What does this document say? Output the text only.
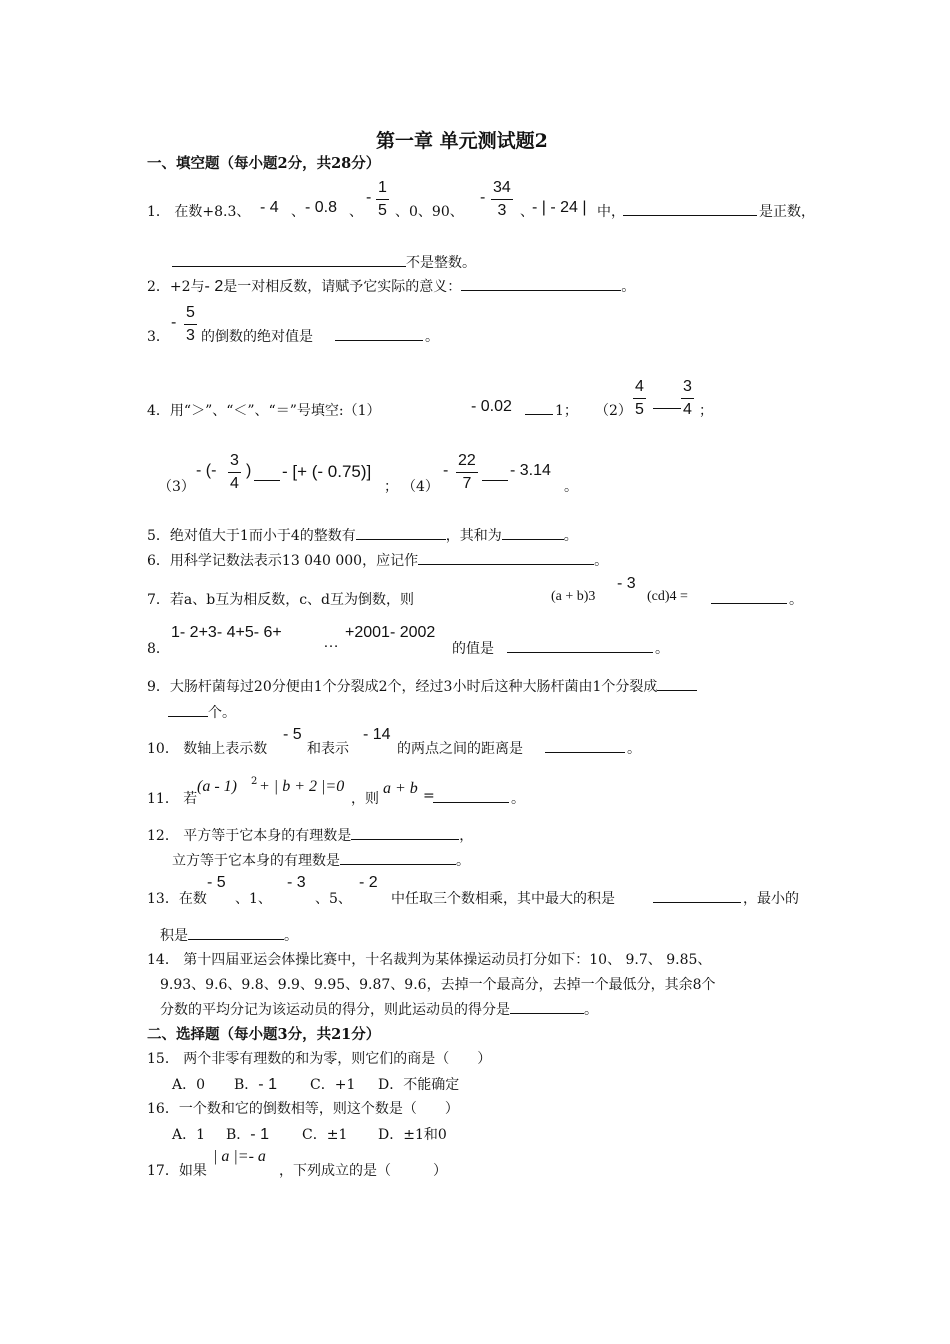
第一章 单元测试题2
一、填空题（每小题2分，共28分）
1． 在数+8.3、 - 4 、 - 0.8 、
- $\frac{1}{5}$ 、0、90、
- $\frac{34}{3}$ 、
- | - 24 | 中，	是正数，
不是整数。
2．+2与- 2是一对相反数，请赋予它实际的意义：	。
3．
- $\frac{5}{3}$ 的倒数的绝对值是	。
4．用“＞”、“＜”、“＝”号填空:（1）	- 0.02	1； $(2) \frac{4}{5} \frac{3}{4}$ ；
（3）
- (- $\frac{3}{4}$ ) - [+ (- 0.75)]
； （4）
- $\frac{22}{7} - 3.14$
。
5．绝对值大于1而小于4的整数有	，其和为	。
6．用科学记数法表示13 040 000，应记作	。
7．若a、b互为相反数，c、d互为倒数，则	(a + b)3
- 3
(cd)4 =	。
8．
1- 2+3- 4+5- 6+
…
+2001- 2002
的值是	。
9．大肠杆菌每过20分便由1个分裂成2个，经过3小时后这种大肠杆菌由1个分裂成
个。
10． 数轴上表示数
- 5
和表示
- 14
的两点之间的距离是	。
11． 若
(a - 1) 2 + | b + 2 |=0
，则
a + b =	。
12． 平方等于它本身的有理数是	，
立方等于它本身的有理数是	。
13．在数
- 5
、1、
- 3
、5、
- 2
中任取三个数相乘，其中最大的积是	，最小的
积是	。
14． 第十四届亚运会体操比赛中，十名裁判为某体操运动员打分如下：10、 9.7、 9.85、
9.93、9.6、9.8、9.9、9.95、9.87、9.6，去掉一个最高分，去掉一个最低分，其余8个
分数的平均分记为该运动员的得分，则此运动员的得分是	。
二、选择题（每小题3分，共21分）
15． 两个非零有理数的和为零，则它们的商是（　　）
A．0 B．- 1 C．+1 D．不能确定
16．一个数和它的倒数相等，则这个数是（　　）
A．1 B．- 1 C．±1 D．±1和0
17．如果
| a |=- a
，下列成立的是（　　　）
